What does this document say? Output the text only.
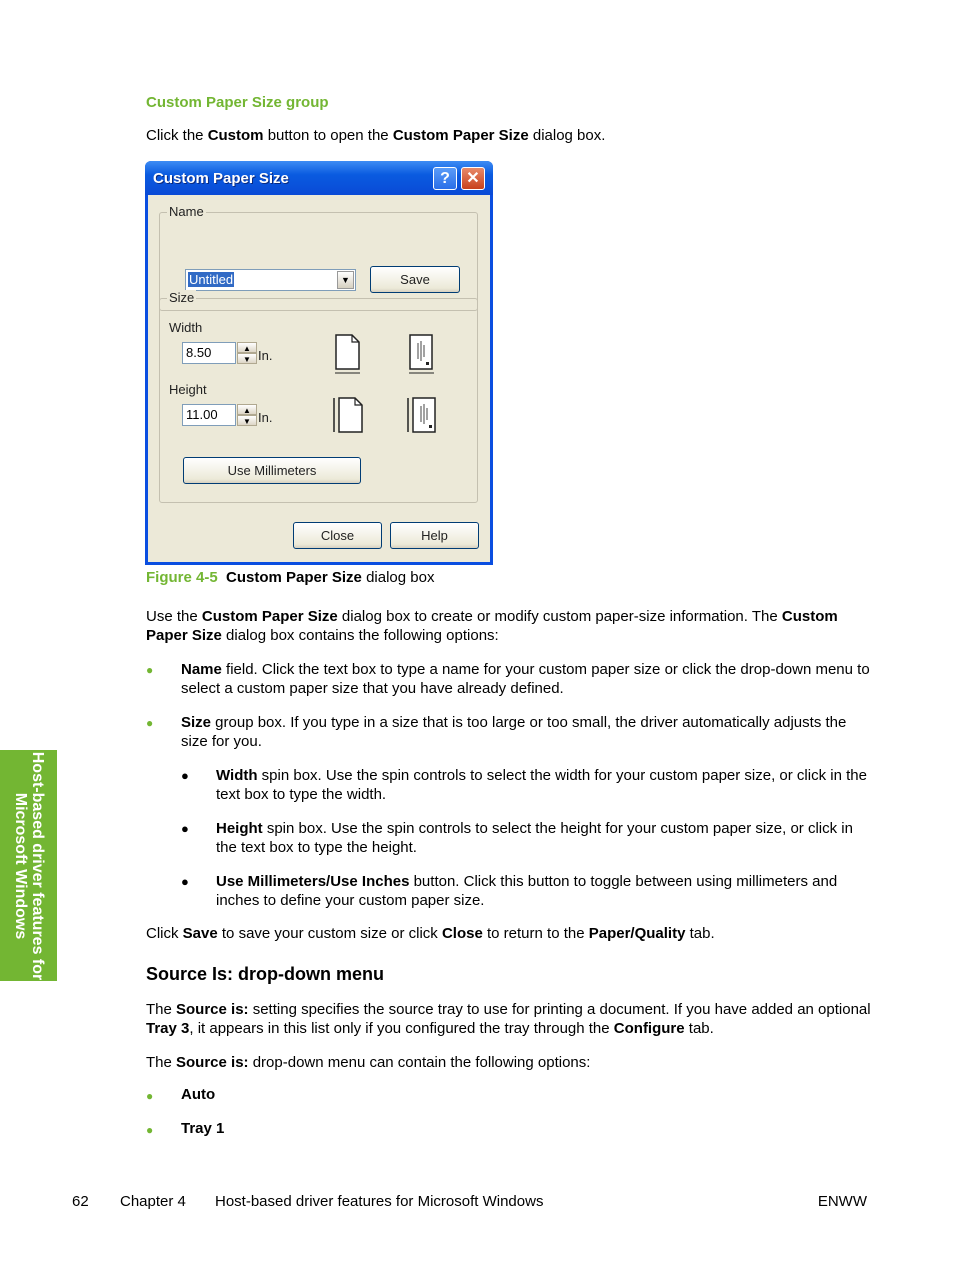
Host-based driver features for Microsoft Windows
Custom Paper Size group
Click the Custom button to open the Custom Paper Size dialog box.
Custom Paper Size	?	✕
Name
Untitled	▼	Save
Size
Width
8.50	▲
▼ In.
Height
11.00	▲
▼ In.
Use Millimeters
Close	Help
Figure 4-5 Custom Paper Size dialog box
Use the Custom Paper Size dialog box to create or modify custom paper-size information. The Custom Paper Size dialog box contains the following options:
● Name field. Click the text box to type a name for your custom paper size or click the drop-down menu to select a custom paper size that you have already defined.
● Size group box. If you type in a size that is too large or too small, the driver automatically adjusts the size for you.
● Width spin box. Use the spin controls to select the width for your custom paper size, or click in the text box to type the width.
● Height spin box. Use the spin controls to select the height for your custom paper size, or click in the text box to type the height.
● Use Millimeters/Use Inches button. Click this button to toggle between using millimeters and inches to define your custom paper size.
Click Save to save your custom size or click Close to return to the Paper/Quality tab.
Source Is: drop-down menu
The Source is: setting specifies the source tray to use for printing a document. If you have added an optional Tray 3, it appears in this list only if you configured the tray through the Configure tab.
The Source is: drop-down menu can contain the following options:
● Auto
● Tray 1
62 Chapter 4 Host-based driver features for Microsoft Windows	ENWW
